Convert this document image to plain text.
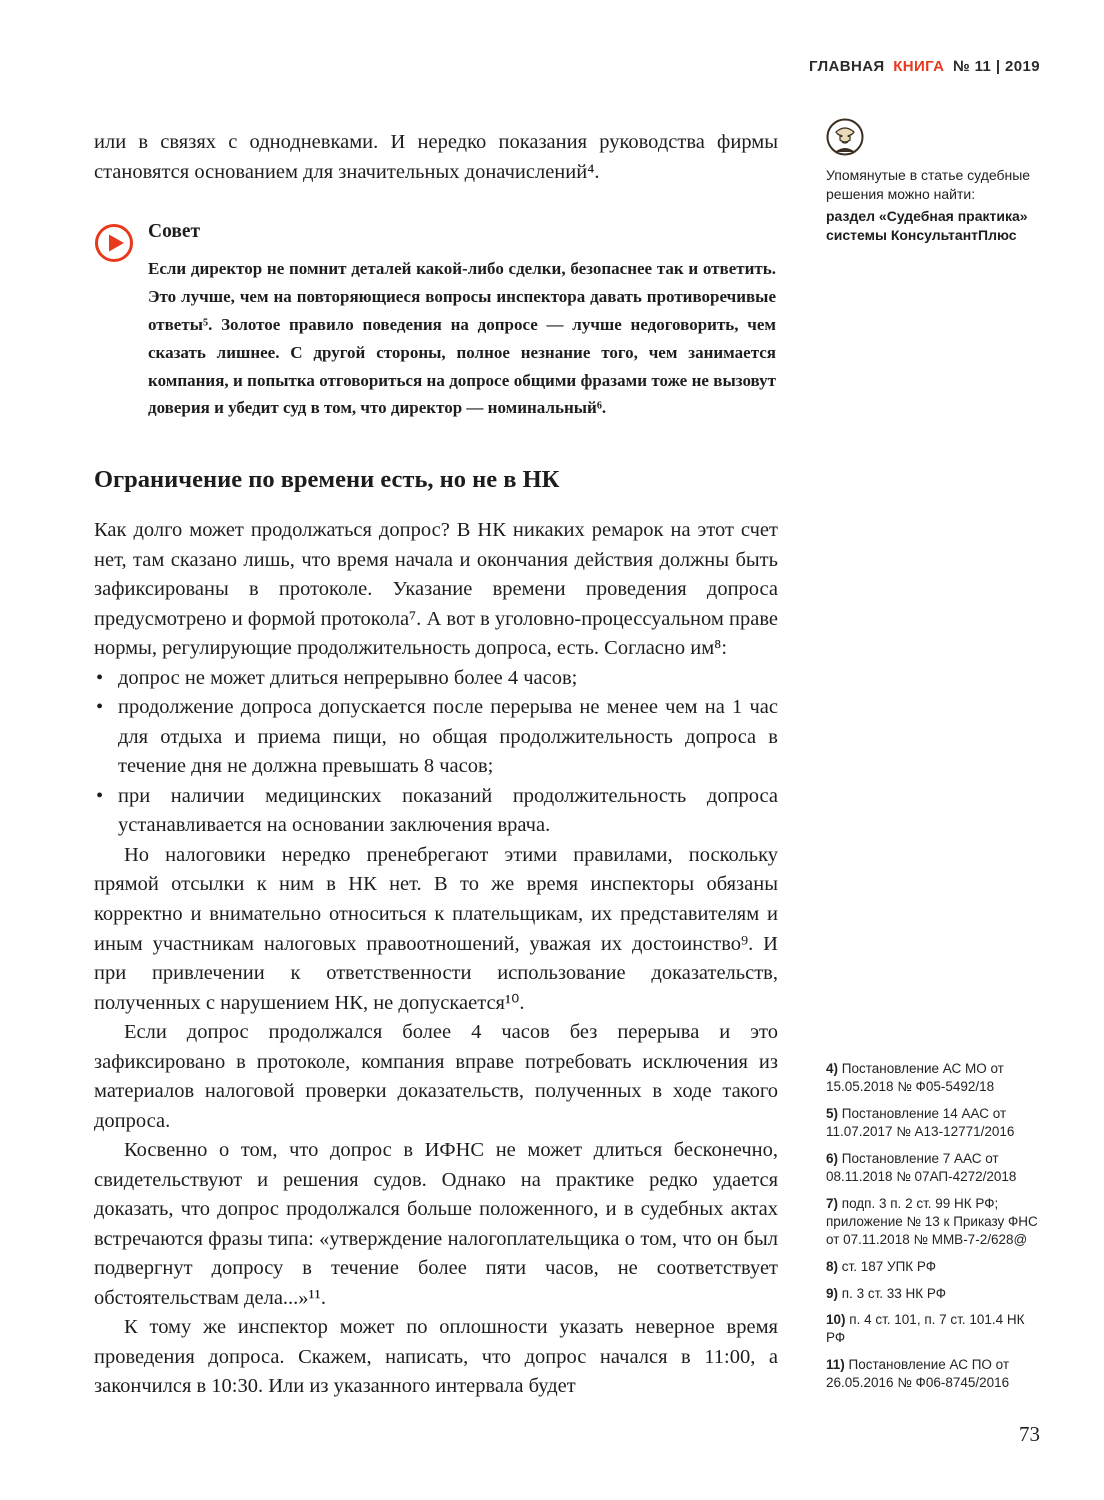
ГЛАВНАЯ КНИГА № 11 | 2019

или в связях с однодневками. И нередко показания руководства фирмы становятся основанием для значительных доначислений⁴.

Совет

Если директор не помнит деталей какой-либо сделки, безопаснее так и ответить. Это лучше, чем на повторяющиеся вопросы инспектора давать противоречивые ответы⁵. Золотое правило поведения на допросе — лучше недоговорить, чем сказать лишнее. С другой стороны, полное незнание того, чем занимается компания, и попытка отговориться на допросе общими фразами тоже не вызовут доверия и убедит суд в том, что директор — номинальный⁶.

Ограничение по времени есть, но не в НК

Как долго может продолжаться допрос? В НК никаких ремарок на этот счет нет, там сказано лишь, что время начала и окончания действия должны быть зафиксированы в протоколе. Указание времени проведения допроса предусмотрено и формой протокола⁷. А вот в уголовно-процессуальном праве нормы, регулирующие продолжительность допроса, есть. Согласно им⁸:

• допрос не может длиться непрерывно более 4 часов;
• продолжение допроса допускается после перерыва не менее чем на 1 час для отдыха и приема пищи, но общая продолжительность допроса в течение дня не должна превышать 8 часов;
• при наличии медицинских показаний продолжительность допроса устанавливается на основании заключения врача.

Но налоговики нередко пренебрегают этими правилами, поскольку прямой отсылки к ним в НК нет. В то же время инспекторы обязаны корректно и внимательно относиться к плательщикам, их представителям и иным участникам налоговых правоотношений, уважая их достоинство⁹. И при привлечении к ответственности использование доказательств, полученных с нарушением НК, не допускается¹⁰.

Если допрос продолжался более 4 часов без перерыва и это зафиксировано в протоколе, компания вправе потребовать исключения из материалов налоговой проверки доказательств, полученных в ходе такого допроса.

Косвенно о том, что допрос в ИФНС не может длиться бесконечно, свидетельствуют и решения судов. Однако на практике редко удается доказать, что допрос продолжался больше положенного, и в судебных актах встречаются фразы типа: «утверждение налогоплательщика о том, что он был подвергнут допросу в течение более пяти часов, не соответствует обстоятельствам дела...»¹¹.

К тому же инспектор может по оплошности указать неверное время проведения допроса. Скажем, написать, что допрос начался в 11:00, а закончился в 10:30. Или из указанного интервала будет

Упомянутые в статье судебные решения можно найти:

раздел «Судебная практика» системы КонсультантПлюс

4) Постановление АС МО от 15.05.2018 № Ф05-5492/18

5) Постановление 14 ААС от 11.07.2017 № А13-12771/2016

6) Постановление 7 ААС от 08.11.2018 № 07АП-4272/2018

7) подп. 3 п. 2 ст. 99 НК РФ; приложение № 13 к Приказу ФНС от 07.11.2018 № ММВ-7-2/628@

8) ст. 187 УПК РФ

9) п. 3 ст. 33 НК РФ

10) п. 4 ст. 101, п. 7 ст. 101.4 НК РФ

11) Постановление АС ПО от 26.05.2016 № Ф06-8745/2016

73
